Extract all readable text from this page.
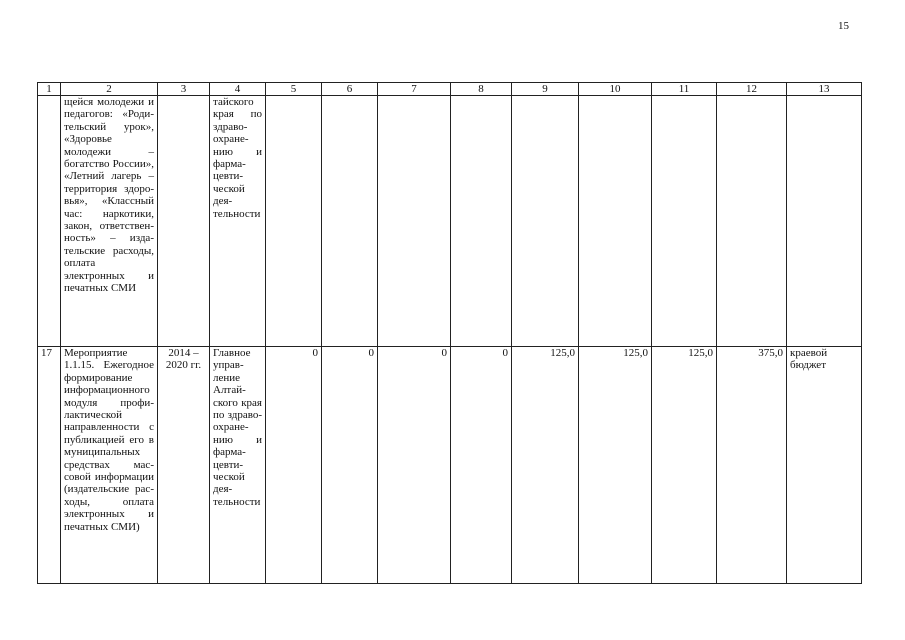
15
1	2	3	4	5	6	7	8	9	10	11	12	13
	щейся молодежи и педагогов: «Родительский урок», «Здоровье молодежи – богатство России», «Летний лагерь – территория здоровья», «Классный час: наркотики, закон, ответственность» – издательские расходы, оплата электронных и печатных СМИ		тайского края по здравоохранению и фармацевтической деятельности									
17	Мероприятие 1.1.15. Ежегодное формирование информационного модуля профилактической направленности с публикацией его в муниципальных средствах массовой информации (издательские расходы, оплата электронных и печатных СМИ)	2014 – 2020 гг.	Главное управление Алтайского края по здравоохранению и фармацевтической деятельности	0	0	0	0	125,0	125,0	125,0	375,0	краевой бюджет
